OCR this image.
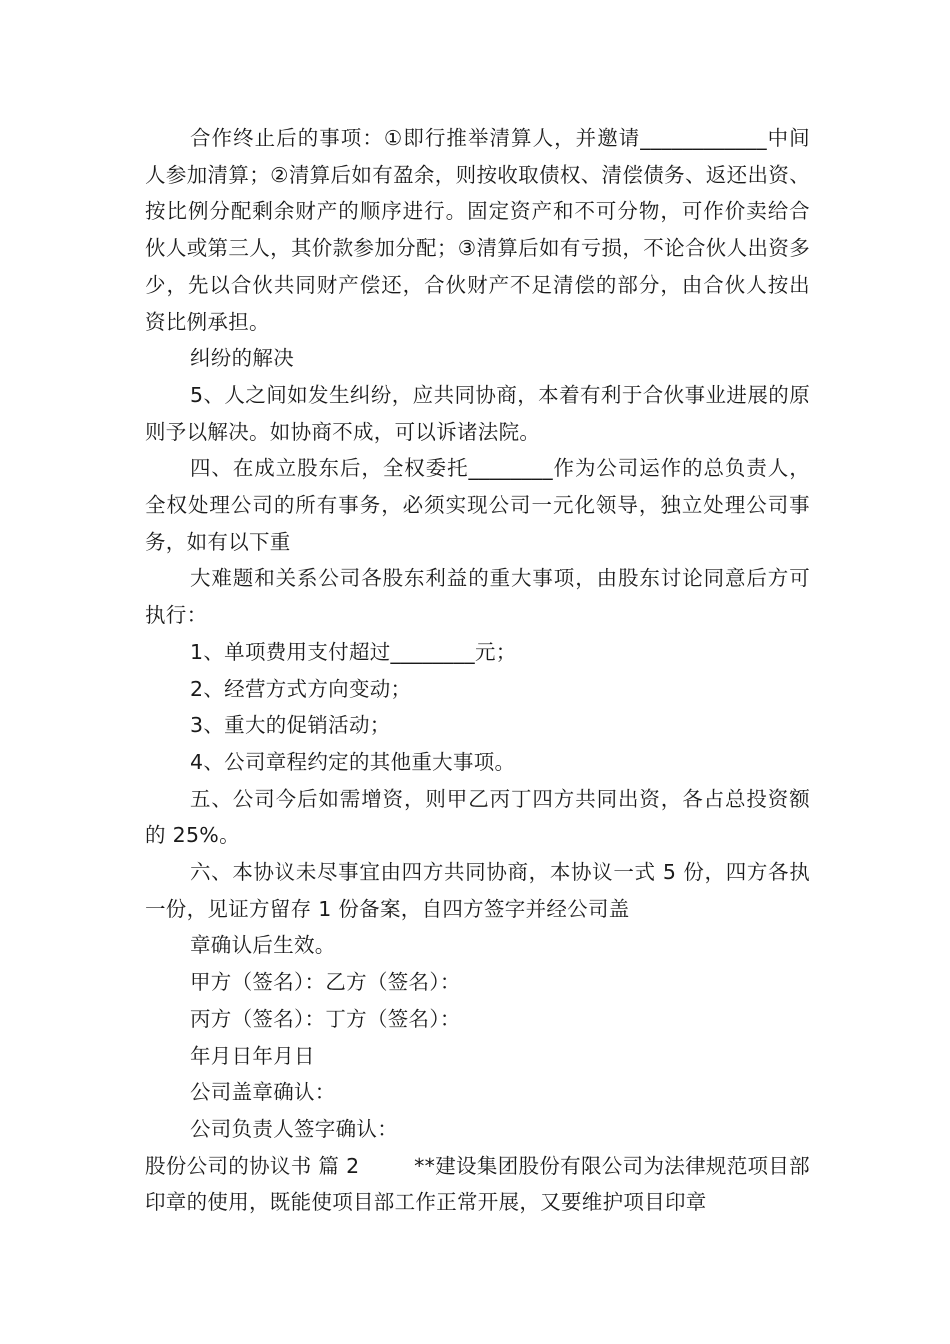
合作终止后的事项：①即行推举清算人，并邀请____________中间人参加清算；②清算后如有盈余，则按收取债权、清偿债务、返还出资、按比例分配剩余财产的顺序进行。固定资产和不可分物，可作价卖给合伙人或第三人，其价款参加分配；③清算后如有亏损，不论合伙人出资多少，先以合伙共同财产偿还，合伙财产不足清偿的部分，由合伙人按出资比例承担。

纠纷的解决

5、人之间如发生纠纷，应共同协商，本着有利于合伙事业进展的原则予以解决。如协商不成，可以诉诸法院。

四、在成立股东后，全权委托________作为公司运作的总负责人，全权处理公司的所有事务，必须实现公司一元化领导，独立处理公司事务，如有以下重

大难题和关系公司各股东利益的重大事项，由股东讨论同意后方可执行：

1、单项费用支付超过________元；

2、经营方式方向变动；

3、重大的促销活动；

4、公司章程约定的其他重大事项。

五、公司今后如需增资，则甲乙丙丁四方共同出资，各占总投资额的 25%。

六、本协议未尽事宜由四方共同协商，本协议一式 5 份，四方各执一份，见证方留存 1 份备案，自四方签字并经公司盖

章确认后生效。

甲方（签名）：乙方（签名）：

丙方（签名）：丁方（签名）：

年月日年月日

公司盖章确认：

公司负责人签字确认：

股份公司的协议书 篇 2        **建设集团股份有限公司为法律规范项目部印章的使用，既能使项目部工作正常开展，又要维护项目印章
